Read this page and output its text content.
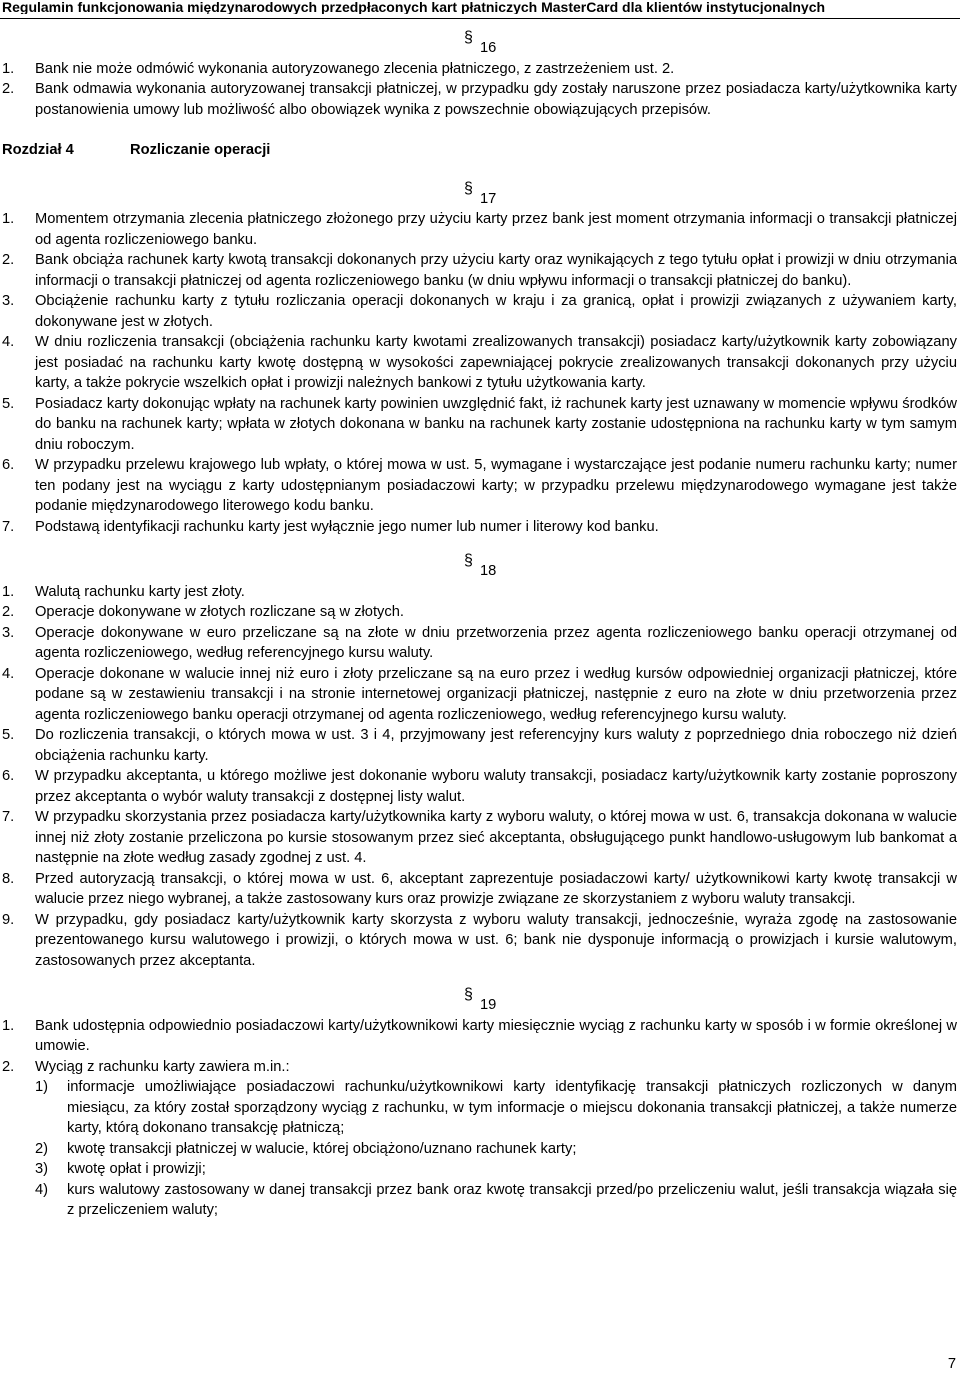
Regulamin funkcjonowania międzynarodowych przedpłaconych kart płatniczych MasterCard dla klientów instytucjonalnych
§
16
1.	Bank nie może odmówić wykonania autoryzowanego zlecenia płatniczego, z zastrzeżeniem ust. 2.
2.	Bank odmawia wykonania autoryzowanej transakcji płatniczej, w przypadku gdy zostały naruszone przez posiadacza karty/użytkownika karty postanowienia umowy lub możliwość albo obowiązek wynika z powszechnie obowiązujących przepisów.
Rozdział 4	Rozliczanie operacji
§
17
1.	Momentem otrzymania zlecenia płatniczego złożonego przy użyciu karty przez bank jest moment otrzymania informacji o transakcji płatniczej od agenta rozliczeniowego banku.
2.	Bank obciąża rachunek karty kwotą transakcji dokonanych przy użyciu karty oraz wynikających z tego tytułu opłat i prowizji w dniu otrzymania informacji o transakcji płatniczej od agenta rozliczeniowego banku (w dniu wpływu informacji o transakcji płatniczej do banku).
3.	Obciążenie rachunku karty z tytułu rozliczania operacji dokonanych w kraju i za granicą, opłat i prowizji związanych z używaniem karty, dokonywane jest w złotych.
4.	W dniu rozliczenia transakcji (obciążenia rachunku karty kwotami zrealizowanych transakcji) posiadacz karty/użytkownik karty zobowiązany jest posiadać na rachunku karty kwotę dostępną w wysokości zapewniającej pokrycie zrealizowanych transakcji dokonanych przy użyciu karty, a także pokrycie wszelkich opłat i prowizji należnych bankowi z tytułu użytkowania karty.
5.	Posiadacz karty dokonując wpłaty na rachunek karty powinien uwzględnić fakt, iż rachunek karty jest uznawany w momencie wpływu środków do banku na rachunek karty; wpłata w złotych dokonana w banku na rachunek karty zostanie udostępniona na rachunku karty w tym samym dniu roboczym.
6.	W przypadku przelewu krajowego lub wpłaty, o której mowa w ust. 5, wymagane i wystarczające jest podanie numeru rachunku karty; numer ten podany jest na wyciągu z karty udostępnianym posiadaczowi karty; w przypadku przelewu międzynarodowego wymagane jest także podanie międzynarodowego literowego kodu banku.
7.	Podstawą identyfikacji rachunku karty jest wyłącznie jego numer lub numer i literowy kod banku.
§
18
1.	Walutą rachunku karty jest złoty.
2.	Operacje dokonywane w złotych rozliczane są w złotych.
3.	Operacje dokonywane w euro przeliczane są na złote w dniu przetworzenia przez agenta rozliczeniowego banku operacji otrzymanej od agenta rozliczeniowego, według referencyjnego kursu waluty.
4.	Operacje dokonane w walucie innej niż euro i złoty przeliczane są na euro przez i według kursów odpowiedniej organizacji płatniczej, które podane są w zestawieniu transakcji i na stronie internetowej organizacji płatniczej, następnie z euro na złote w dniu przetworzenia przez agenta rozliczeniowego banku operacji otrzymanej od agenta rozliczeniowego, według referencyjnego kursu waluty.
5.	Do rozliczenia transakcji, o których mowa w ust. 3 i 4, przyjmowany jest referencyjny kurs waluty z poprzedniego dnia roboczego niż dzień obciążenia rachunku karty.
6.	W przypadku akceptanta, u którego możliwe jest dokonanie wyboru waluty transakcji, posiadacz karty/użytkownik karty zostanie poproszony przez akceptanta o wybór waluty transakcji z dostępnej listy walut.
7.	W przypadku skorzystania przez posiadacza karty/użytkownika karty z wyboru waluty, o której mowa w ust. 6, transakcja dokonana w walucie innej niż złoty zostanie przeliczona po kursie stosowanym przez sieć akceptanta, obsługującego punkt handlowo-usługowym lub bankomat a następnie na złote według zasady zgodnej z ust. 4.
8.	Przed autoryzacją transakcji, o której mowa w ust. 6, akceptant zaprezentuje posiadaczowi karty/ użytkownikowi karty kwotę transakcji w walucie przez niego wybranej, a także zastosowany kurs oraz prowizje związane ze skorzystaniem z wyboru waluty transakcji.
9.	W przypadku, gdy posiadacz karty/użytkownik karty skorzysta z wyboru waluty transakcji, jednocześnie, wyraża zgodę na zastosowanie prezentowanego kursu walutowego i prowizji, o których mowa w ust. 6; bank nie dysponuje informacją o prowizjach i kursie walutowym, zastosowanych przez akceptanta.
§
19
1.	Bank udostępnia odpowiednio posiadaczowi karty/użytkownikowi karty miesięcznie wyciąg z rachunku karty w sposób i w formie określonej w umowie.
2.	Wyciąg z rachunku karty zawiera m.in.:
1)	informacje umożliwiające posiadaczowi rachunku/użytkownikowi karty identyfikację transakcji płatniczych rozliczonych w danym miesiącu, za który został sporządzony wyciąg z rachunku, w tym informacje o miejscu dokonania transakcji płatniczej, a także numerze karty, którą dokonano transakcję płatniczą;
2)	kwotę transakcji płatniczej w walucie, której obciążono/uznano rachunek karty;
3)	kwotę opłat i prowizji;
4)	kurs walutowy zastosowany w danej transakcji przez bank oraz kwotę transakcji przed/po przeliczeniu walut, jeśli transakcja wiązała się z przeliczeniem waluty;
7
